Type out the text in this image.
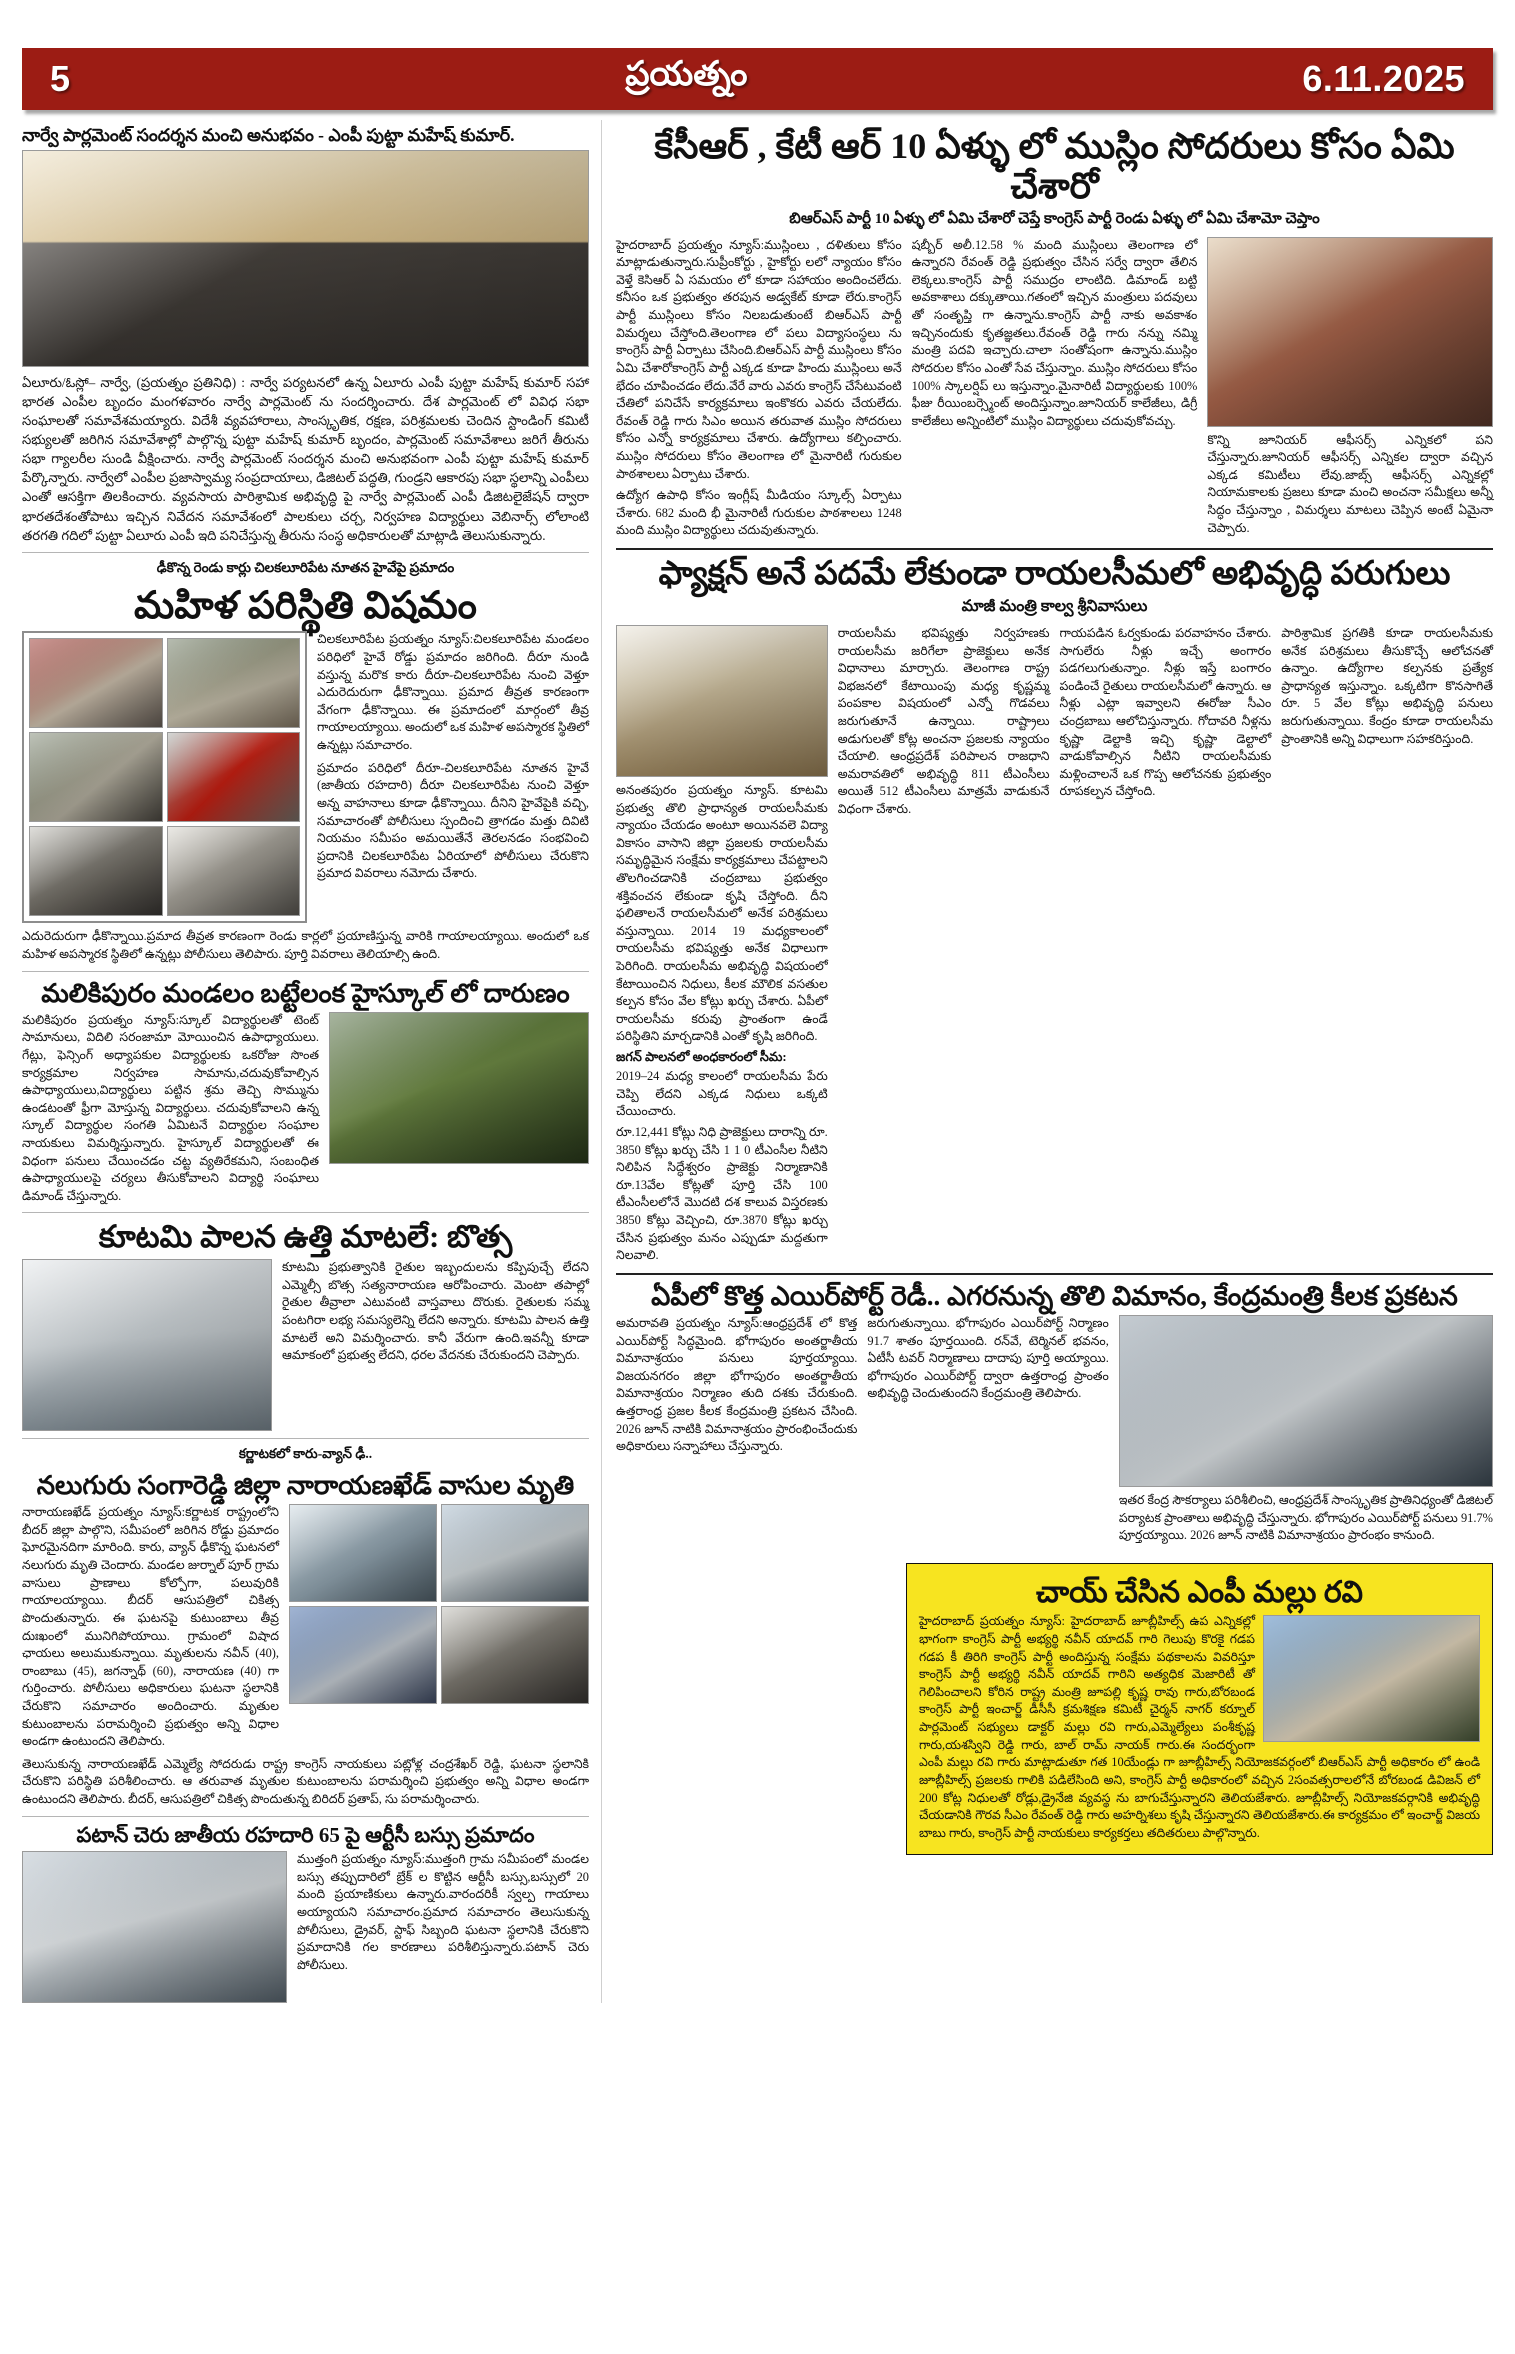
5	ప్రయత్నం	6.11.2025
నార్వే పార్లమెంట్ సందర్శన మంచి అనుభవం - ఎంపీ పుట్టా మహేష్ కుమార్.
ఏలూరు/ఓస్లో– నార్వే, (ప్రయత్నం ప్రతినిధి) : నార్వే పర్యటనలో ఉన్న ఏలూరు ఎంపీ పుట్టా మహేష్ కుమార్ సహా భారత ఎంపీల బృందం మంగళవారం నార్వే పార్లమెంట్ ను సందర్శించారు. దేశ పార్లమెంట్ లో వివిధ సభా సంఘాలతో సమావేశమయ్యారు. విదేశీ వ్యవహారాలు, సాంస్కృతిక, రక్షణ, పరిశ్రమలకు చెందిన స్టాండింగ్ కమిటీ సభ్యులతో జరిగిన సమావేశాల్లో పాల్గొన్న పుట్టా మహేష్ కుమార్ బృందం, పార్లమెంట్ సమావేశాలు జరిగే తీరును సభా గ్యాలరీల సుండి వీక్షించారు. నార్వే పార్లమెంట్ సందర్శన మంచి అనుభవంగా ఎంపీ పుట్టా మహేష్ కుమార్ పేర్కొన్నారు. నార్వేలో ఎంపీల ప్రజాస్వామ్య సంప్రదాయాలు, డిజిటల్ పద్ధతి, గుండ్రని ఆకారపు సభా స్థలాన్ని ఎంపీలు ఎంతో ఆసక్తిగా తిలకించారు. వ్యవసాయ పారిశ్రామిక అభివృద్ధి పై నార్వే పార్లమెంట్ ఎంపీ డిజిటలైజేషన్ ద్వారా భారతదేశంతోపాటు ఇచ్చిన నివేదన సమావేశంలో పాలకులు చర్చ, నిర్వహణ విద్యార్థులు వెబినార్స్ లోలాంటి తరగతి గదిలో పుట్టా ఏలూరు ఎంపీ ఇది పనిచేస్తున్న తీరును సంస్థ అధికారులతో మాట్లాడి తెలుసుకున్నారు.
ఢీకొన్న రెండు కార్లు చిలకలూరిపేట నూతన హైవేపై ప్రమాదం
మహిళ పరిస్థితి విషమం
చిలకలూరిపేట ప్రయత్నం న్యూస్:చిలకలూరిపేట మండలం పరిధిలో హైవే రోడ్డు ప్రమాదం జరిగింది. దీరూ నుండి వస్తున్న మరొక కారు దీరూ-చిలకలూరిపేట నుంచి వెళ్తూ ఎదురెదురుగా ఢీకొన్నాయి. ప్రమాద తీవ్రత కారణంగా వేగంగా ఢీకొన్నాయి. ఈ ప్రమాదంలో మార్గంలో తీవ్ర గాయాలయ్యాయి. అందులో ఒక మహిళ అపస్మారక స్థితిలో ఉన్నట్లు సమాచారం.
ప్రమాదం పరిధిలో దీరూ-చిలకలూరిపేట నూతన హైవే (జాతీయ రహదారి) దీరూ చిలకలూరిపేట నుంచి వెళ్తూ అన్న వాహనాలు కూడా ఢీకొన్నాయి. దీనిని హైవేపైకి వచ్చి, సమాచారంతో పోలీసులు స్పందించి త్రాగడం మత్తు దివిటి నియమం సమీపం అమయితేనే తెరలనడం సంభవించి ప్రదానికి చిలకలూరిపేట ఏరియాలో పోలీసులు చేరుకొని ప్రమాద వివరాలు నమోదు చేశారు.
ఎదురెదురుగా ఢీకొన్నాయి.ప్రమాద తీవ్రత కారణంగా రెండు కార్లలో ప్రయాణిస్తున్న వారికి గాయాలయ్యాయి. అందులో ఒక మహిళ అపస్మారక స్థితిలో ఉన్నట్లు పోలీసులు తెలిపారు. పూర్తి వివరాలు తెలియాల్సి ఉంది.
మలికిపురం మండలం బట్టేలంక హైస్కూల్ లో దారుణం
మలికిపురం ప్రయత్నం న్యూస్:స్కూల్ విద్యార్థులతో టెంట్ సామానులు, విదిలి సరంజామా మోయించిన ఉపాధ్యాయులు. గేట్లు, ఫెన్సింగ్ అధ్యాపకుల విద్యార్థులకు ఒకరోజు సొంత కార్యక్రమాల నిర్వహణ సామాను,చదువుకోవాల్సిన ఉపాధ్యాయులు,విద్యార్థులు పట్టిన శ్రమ తెచ్చి సొమ్మును ఉండటంతో ఫ్రీగా మోస్తున్న విద్యార్థులు. చదువుకోవాలని ఉన్న స్కూల్ విద్యార్థుల సంగతి ఏమిటనే విద్యార్థుల సంఘాల నాయకులు విమర్శిస్తున్నారు. హైస్కూల్ విద్యార్థులతో ఈ విధంగా పనులు చేయించడం చట్ట వ్యతిరేకమని, సంబంధిత ఉపాధ్యాయులపై చర్యలు తీసుకోవాలని విద్యార్థి సంఘాలు డిమాండ్ చేస్తున్నారు.
కూటమి పాలన ఉత్తి మాటలే: బొత్స
కూటమి ప్రభుత్వానికి రైతుల ఇబ్బందులను కప్పిపుచ్చే లేదని ఎమ్మెల్సీ బొత్స సత్యనారాయణ ఆరోపించారు. మెంటా తపాల్లో రైతుల తీవ్రాలా ఎటువంటి వాస్తవాలు దొరుకు. రైతులకు సమ్మ పంటగిరా లభ్య సమస్యలెన్ని లేదని అన్నారు. కూటమి పాలన ఉత్తి మాటలే అని విమర్శించారు. కానీ వేరుగా ఉంది.ఇవన్నీ కూడా ఆమాకంలో ప్రభుత్వ లేదని, ధరల వేదనకు చేరుకుందని చెప్పారు.
కర్ణాటకలో కారు-వ్యాన్ ఢీ..
నలుగురు సంగారెడ్డి జిల్లా నారాయణఖేడ్ వాసుల మృతి
నారాయణఖేడ్ ప్రయత్నం న్యూస్:కర్ణాటక రాష్ట్రంలోని బీదర్ జిల్లా పాల్గొని, సమీపంలో జరిగిన రోడ్డు ప్రమాదం ఘోరమైనదిగా మారింది. కారు, వ్యాన్ ఢీకొన్న ఘటనలో నలుగురు మృతి చెందారు. మండల జుర్నాల్ పూర్ గ్రామ వాసులు ప్రాణాలు కోల్పోగా, పలువురికి గాయాలయ్యాయి. బీదర్ ఆసుపత్రిలో చికిత్స పొందుతున్నారు. ఈ ఘటనపై కుటుంబాలు తీవ్ర దుఃఖంలో మునిగిపోయాయి. గ్రామంలో విషాద ఛాయలు అలుముకున్నాయి. మృతులను నవీన్ (40), రాంబాబు (45), జగన్నాథ్ (60), నారాయణ (40) గా గుర్తించారు. పోలీసులు అధికారులు ఘటనా స్థలానికి చేరుకొని సమాచారం అందించారు. మృతుల కుటుంబాలను పరామర్శించి ప్రభుత్వం అన్ని విధాల అండగా ఉంటుందని తెలిపారు.
తెలుసుకున్న నారాయణఖేడ్ ఎమ్మెల్యే సోదరుడు రాష్ట్ర కాంగ్రెస్ నాయకులు పట్లోళ్ల చంద్రశేఖర్ రెడ్డి, ఘటనా స్థలానికి చేరుకొని పరిస్థితి పరిశీలించారు. ఆ తరువాత మృతుల కుటుంబాలను పరామర్శించి ప్రభుత్వం అన్ని విధాల అండగా ఉంటుందని తెలిపారు. బీదర్, ఆసుపత్రిలో చికిత్స పొందుతున్న బిరిదర్ ప్రతాప్, సు పరామర్శించారు.
పటాన్ చెరు జాతీయ రహదారి 65 పై ఆర్టీసీ బస్సు ప్రమాదం
ముత్తంగి ప్రయత్నం న్యూస్:ముత్తంగి గ్రామ సమీపంలో మండల బస్సు తప్పుదారిలో బ్రేక్ ల కొట్టిన ఆర్టీసీ బస్సు,బస్సులో 20 మంది ప్రయాణికులు ఉన్నారు.వారందరికీ స్వల్ప గాయాలు అయ్యాయని సమాచారం.ప్రమాద సమాచారం తెలుసుకున్న పోలీసులు, డ్రైవర్, స్టాఫ్ సిబ్బంది ఘటనా స్థలానికి చేరుకొని ప్రమాదానికి గల కారణాలు పరిశీలిస్తున్నారు.పటాన్ చెరు పోలీసులు.
కేసీఆర్ , కేటీ ఆర్ 10 ఏళ్ళు లో ముస్లిం సోదరులు కోసం ఏమి చేశారో
బిఆర్ఎస్ పార్టీ 10 ఏళ్ళు లో ఏమి చేశారో చెప్తే కాంగ్రెస్ పార్టీ రెండు ఏళ్ళు లో ఏమి చేశామో చెప్తాం
హైదరాబాద్ ప్రయత్నం న్యూస్:ముస్లింలు , దళితులు కోసం మాట్లాడుతున్నారు.సుప్రీంకోర్టు , హైకోర్టు లలో న్యాయం కోసం వెళ్తే కెసిఆర్ ఏ సమయం లో కూడా సహాయం అందించలేదు. కనీసం ఒక ప్రభుత్వం తరపున అడ్వకేట్ కూడా లేరు.కాంగ్రెస్ పార్టీ ముస్లింలు కోసం నిలబడుతుంటే బిఆర్ఎస్ పార్టీ విమర్శలు చేస్తోంది.తెలంగాణ లో పలు విద్యాసంస్థలు ను కాంగ్రెస్ పార్టీ ఏర్పాటు చేసింది.బిఆర్ఎస్ పార్టీ ముస్లింలు కోసం ఏమి చేశారోకాంగ్రెస్ పార్టీ ఎక్కడ కూడా హిందు ముస్లింలు అనే భేదం చూపించడం లేదు.వేరే వారు ఎవరు కాంగ్రెస్ చేసేటువంటి చేతిలో పనిచేసే కార్యక్రమాలు ఇంకొకరు ఎవరు చేయలేదు. రేవంత్ రెడ్డి గారు సిఎం అయిన తరువాత ముస్లిం సోదరులు కోసం ఎన్నో కార్యక్రమాలు చేశారు. ఉద్యోగాలు కల్పించారు. ముస్లిం సోదరులు కోసం తెలంగాణ లో మైనారిటీ గురుకుల పాఠశాలలు ఏర్పాటు చేశారు.
ఉద్యోగ ఉపాధి కోసం ఇంగ్లీష్ మీడియం స్కూల్స్ ఏర్పాటు చేశారు. 682 మంది భీ మైనారిటీ గురుకుల పాఠశాలలు 1248 మంది ముస్లిం విద్యార్థులు చదువుతున్నారు.
షబ్బీర్ అలీ.12.58 % మంది ముస్లింలు తెలంగాణ లో ఉన్నారని రేవంత్ రెడ్డి ప్రభుత్వం చేసిన సర్వే ద్వారా తేలిన లెక్కలు.కాంగ్రెస్ పార్టీ సముద్రం లాంటిది. డిమాండ్ బట్టి అవకాశాలు దక్కుతాయి.గతంలో ఇచ్చిన మంత్రులు పదవులు తో సంతృప్తి గా ఉన్నాను.కాంగ్రెస్ పార్టీ నాకు అవకాశం ఇచ్చినందుకు కృతజ్ఞతలు.రేవంత్ రెడ్డి గారు నన్ను నమ్మి మంత్రి పదవి ఇచ్చారు.చాలా సంతోషంగా ఉన్నాను.ముస్లిం సోదరుల కోసం ఎంతో సేవ చేస్తున్నాం. ముస్లిం సోదరులు కోసం 100% స్కాలర్షిప్ లు ఇస్తున్నాం.మైనారిటీ విద్యార్థులకు 100% ఫీజు రీయింబర్స్మెంట్ అందిస్తున్నాం.జూనియర్ కాలేజీలు, డిగ్రీ కాలేజీలు అన్నింటిలో ముస్లిం విద్యార్థులు చదువుకోవచ్చు.
కొన్ని జూనియర్ ఆఫీసర్స్ ఎన్నికలో పని చేస్తున్నారు.జూనియర్ ఆఫీసర్స్ ఎన్నికల ద్వారా వచ్చిన ఎక్కడ కమిటీలు లేవు.జాబ్స్ ఆఫీసర్స్ ఎన్నికల్లో నియామకాలకు ప్రజలు కూడా మంచి అంచనా సమీక్షలు అన్నీ సిద్ధం చేస్తున్నాం , విమర్శలు మాటలు చెప్పిన అంటే ఏమైనా చెప్పారు.
ఫ్యాక్షన్ అనే పదమే లేకుండా రాయలసీమలో అభివృద్ధి పరుగులు
మాజీ మంత్రి కాల్వ శ్రీనివాసులు
అనంతపురం ప్రయత్నం న్యూస్. కూటమి ప్రభుత్వ తొలి ప్రాధాన్యత రాయలసీమకు న్యాయం చేయడం అంటూ అయినవలె విద్యా వికాసం వాసాని జిల్లా ప్రజలకు రాయలసీమ సమృద్ధిమైన సంక్షేమ కార్యక్రమాలు చేపట్టాలని తొలగించడానికి చంద్రబాబు ప్రభుత్వం శక్తివంచన లేకుండా కృషి చేస్తోంది. దీని ఫలితాలనే రాయలసీమలో అనేక పరిశ్రమలు వస్తున్నాయి. 2014 19 మధ్యకాలంలో రాయలసీమ భవిష్యత్తు అనేక విధాలుగా పెరిగింది. రాయలసీమ అభివృద్ధి విషయంలో కేటాయించిన నిధులు, కీలక మౌలిక వసతుల కల్పన కోసం వేల కోట్లు ఖర్చు చేశారు. ఏపీలో రాయలసీమ కరువు ప్రాంతంగా ఉండే పరిస్థితిని మార్చడానికి ఎంతో కృషి జరిగింది.
జగన్ పాలనలో అంధకారంలో సీమ:
2019–24 మధ్య కాలంలో రాయలసీమ పేరు చెప్పి లేదని ఎక్కడ నిధులు ఒక్కటి చేయించారు.
రూ.12,441 కోట్లు నిధి ప్రాజెక్టులు దారాన్ని రూ. 3850 కోట్లు ఖర్చు చేసి 1 1 0 టీఎంసీల నీటిని నిలిపిన సిద్ధేశ్వరం ప్రాజెక్టు నిర్మాణానికి రూ.13వేల కోట్లతో పూర్తి చేసి 100 టీఎంసీలలోనే మొదటి దశ కాలువ విస్తరణకు 3850 కోట్లు వెచ్చించి, రూ.3870 కోట్లు ఖర్చు చేసిన ప్రభుత్వం మనం ఎప్పుడూ మద్దతుగా నిలవాలి.
రాయలసీమ భవిష్యత్తు నిర్వహణకు రాయలసీమ జరిగేలా ప్రాజెక్టులు అనేక విధానాలు మార్చారు. తెలంగాణ రాష్ట్ర విభజనలో కేటాయింపు మధ్య కృష్ణమ్మ పంపకాల విషయంలో ఎన్నో గొడవలు జరుగుతూనే ఉన్నాయి. రాష్ట్రాలు అడుగులతో కోట్ల అంచనా ప్రజలకు న్యాయం చేయాలి. ఆంధ్రప్రదేశ్ పరిపాలన రాజధాని అమరావతిలో అభివృద్ధి 811 టీఎంసీలు అయితే 512 టీఎంసీలు మాత్రమే వాడుకునే విధంగా చేశారు.
గాయపడిన ఓర్వకుండు పరవాహనం చేశారు. సాగులేరు నీళ్లు ఇచ్చే అంగారం పడగలుగుతున్నాం. నీళ్లు ఇస్తే బంగారం పండించే రైతులు రాయలసీమలో ఉన్నారు. ఆ నీళ్లు ఎట్లా ఇవ్వాలని ఈరోజు సీఎం చంద్రబాబు ఆలోచిస్తున్నారు. గోదావరి నీళ్లను కృష్ణా డెల్టాకి ఇచ్చి కృష్ణా డెల్టాలో వాడుకోవాల్సిన నీటిని రాయలసీమకు మళ్లించాలనే ఒక గొప్ప ఆలోచనకు ప్రభుత్వం రూపకల్పన చేస్తోంది.
పారిశ్రామిక ప్రగతికి కూడా రాయలసీమకు అనేక పరిశ్రమలు తీసుకొచ్చే ఆలోచనతో ఉన్నాం. ఉద్యోగాల కల్పనకు ప్రత్యేక ప్రాధాన్యత ఇస్తున్నాం. ఒక్కటిగా కొనసాగితే రూ. 5 వేల కోట్లు అభివృద్ధి పనులు జరుగుతున్నాయి. కేంద్రం కూడా రాయలసీమ ప్రాంతానికి అన్ని విధాలుగా సహకరిస్తుంది.
ఏపీలో కొత్త ఎయిర్‌పోర్ట్ రెడీ.. ఎగరనున్న తొలి విమానం, కేంద్రమంత్రి కీలక ప్రకటన
అమరావతి ప్రయత్నం న్యూస్:ఆంధ్రప్రదేశ్ లో కొత్త ఎయిర్‌పోర్ట్ సిద్ధమైంది. భోగాపురం అంతర్జాతీయ విమానాశ్రయం పనులు పూర్తయ్యాయి. విజయనగరం జిల్లా భోగాపురం అంతర్జాతీయ విమానాశ్రయం నిర్మాణం తుది దశకు చేరుకుంది. ఉత్తరాంధ్ర ప్రజల కీలక కేంద్రమంత్రి ప్రకటన చేసింది. 2026 జూన్ నాటికి విమానాశ్రయం ప్రారంభించేందుకు అధికారులు సన్నాహాలు చేస్తున్నారు.
జరుగుతున్నాయి. భోగాపురం ఎయిర్‌పోర్ట్ నిర్మాణం 91.7 శాతం పూర్తయింది. రన్‌వే, టెర్మినల్ భవనం, ఏటీసీ టవర్ నిర్మాణాలు దాదాపు పూర్తి అయ్యాయి. భోగాపురం ఎయిర్‌పోర్ట్ ద్వారా ఉత్తరాంధ్ర ప్రాంతం అభివృద్ధి చెందుతుందని కేంద్రమంత్రి తెలిపారు.
ఇతర కేంద్ర సౌకర్యాలు పరిశీలించి, ఆంధ్రప్రదేశ్ సాంస్కృతిక ప్రాతినిధ్యంతో డిజిటల్ పర్యాటక ప్రాంతాలు అభివృద్ధి చేస్తున్నారు. భోగాపురం ఎయిర్‌పోర్ట్ పనులు 91.7% పూర్తయ్యాయి. 2026 జూన్ నాటికి విమానాశ్రయం ప్రారంభం కానుంది.
చాయ్ చేసిన ఎంపీ మల్లు రవి
హైదరాబాద్ ప్రయత్నం న్యూస్: హైదరాబాద్ జూబ్లీహిల్స్ ఉప ఎన్నికల్లో భాగంగా కాంగ్రెస్ పార్టీ అభ్యర్థి నవీన్ యాదవ్ గారి గెలుపు కొరకై గడప గడప కీ తిరిగి కాంగ్రెస్ పార్టీ అందిస్తున్న సంక్షేమ పథకాలను వివరిస్తూ కాంగ్రెస్ పార్టీ అభ్యర్థి నవీన్ యాదవ్ గారిని అత్యధిక మెజారిటీ తో గెలిపించాలని కోరిన రాష్ట్ర మంత్రి జూపల్లి కృష్ణ రావు గారు,బోరబండ కాంగ్రెస్ పార్టీ ఇంచార్జ్ డీసీసీ క్రమశిక్షణ కమిటీ చైర్మన్ నాగర్ కర్నూల్ పార్లమెంట్ సభ్యులు డాక్టర్ మల్లు రవి గారు,ఎమ్మెల్యేలు పంశీకృష్ణ గారు,యశస్విని రెడ్డి గారు, బాల్ రామ్ నాయక్ గారు.ఈ సందర్భంగా ఎంపీ మల్లు రవి గారు మాట్లాడుతూ గత 10యేండ్లు గా జూబ్లీహిల్స్ నియోజకవర్గంలో బిఆర్ఎస్ పార్టీ అధికారం లో ఉండి జూబ్లీహిల్స్ ప్రజలకు గాలికి పడిలేసింది అని, కాంగ్రెస్ పార్టీ అధికారంలో వచ్చిన 2సంవత్సరాలలోనే బోరబండ డివిజన్ లో 200 కోట్ల నిధులతో రోడ్లు,డ్రైనేజి వ్యవస్థ ను బాగుచేస్తున్నారని తెలియజేశారు. జూబ్లీహిల్స్ నియోజకవర్గానికి అభివృద్ధి చేయడానికి గౌరవ సీఎం రేవంత్ రెడ్డి గారు అహర్నిశలు కృషి చేస్తున్నారని తెలియజేశారు.ఈ కార్యక్రమం లో ఇంచార్జ్ విజయ బాబు గారు, కాంగ్రెస్ పార్టీ నాయకులు కార్యకర్తలు తదితరులు పాల్గొన్నారు.
